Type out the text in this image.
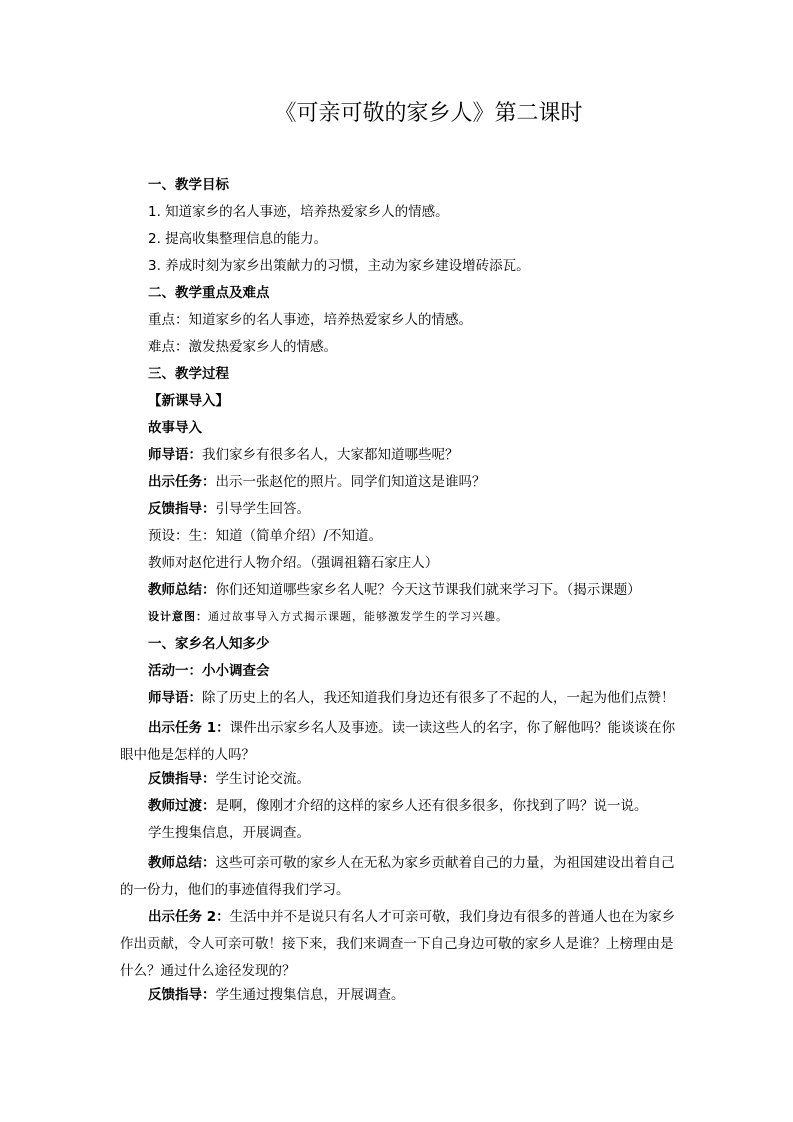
《可亲可敬的家乡人》第二课时
一、教学目标
1. 知道家乡的名人事迹，培养热爱家乡人的情感。
2. 提高收集整理信息的能力。
3. 养成时刻为家乡出策献力的习惯，主动为家乡建设增砖添瓦。
二、教学重点及难点
重点：知道家乡的名人事迹，培养热爱家乡人的情感。
难点：激发热爱家乡人的情感。
三、教学过程
【新课导入】
故事导入
师导语：我们家乡有很多名人，大家都知道哪些呢？
出示任务：出示一张赵佗的照片。同学们知道这是谁吗？
反馈指导：引导学生回答。
预设：生：知道（简单介绍）/不知道。
教师对赵佗进行人物介绍。（强调祖籍石家庄人）
教师总结：你们还知道哪些家乡名人呢？今天这节课我们就来学习下。（揭示课题）
设计意图：通过故事导入方式揭示课题，能够激发学生的学习兴趣。
一、家乡名人知多少
活动一：小小调查会
师导语：除了历史上的名人，我还知道我们身边还有很多了不起的人，一起为他们点赞！
出示任务 1：课件出示家乡名人及事迹。读一读这些人的名字，你了解他吗？能谈谈在你眼中他是怎样的人吗？
反馈指导：学生讨论交流。
教师过渡：是啊，像刚才介绍的这样的家乡人还有很多很多，你找到了吗？说一说。
学生搜集信息，开展调查。
教师总结：这些可亲可敬的家乡人在无私为家乡贡献着自己的力量，为祖国建设出着自己的一份力，他们的事迹值得我们学习。
出示任务 2：生活中并不是说只有名人才可亲可敬，我们身边有很多的普通人也在为家乡作出贡献，令人可亲可敬！接下来，我们来调查一下自己身边可敬的家乡人是谁？上榜理由是什么？通过什么途径发现的？
反馈指导：学生通过搜集信息，开展调查。
